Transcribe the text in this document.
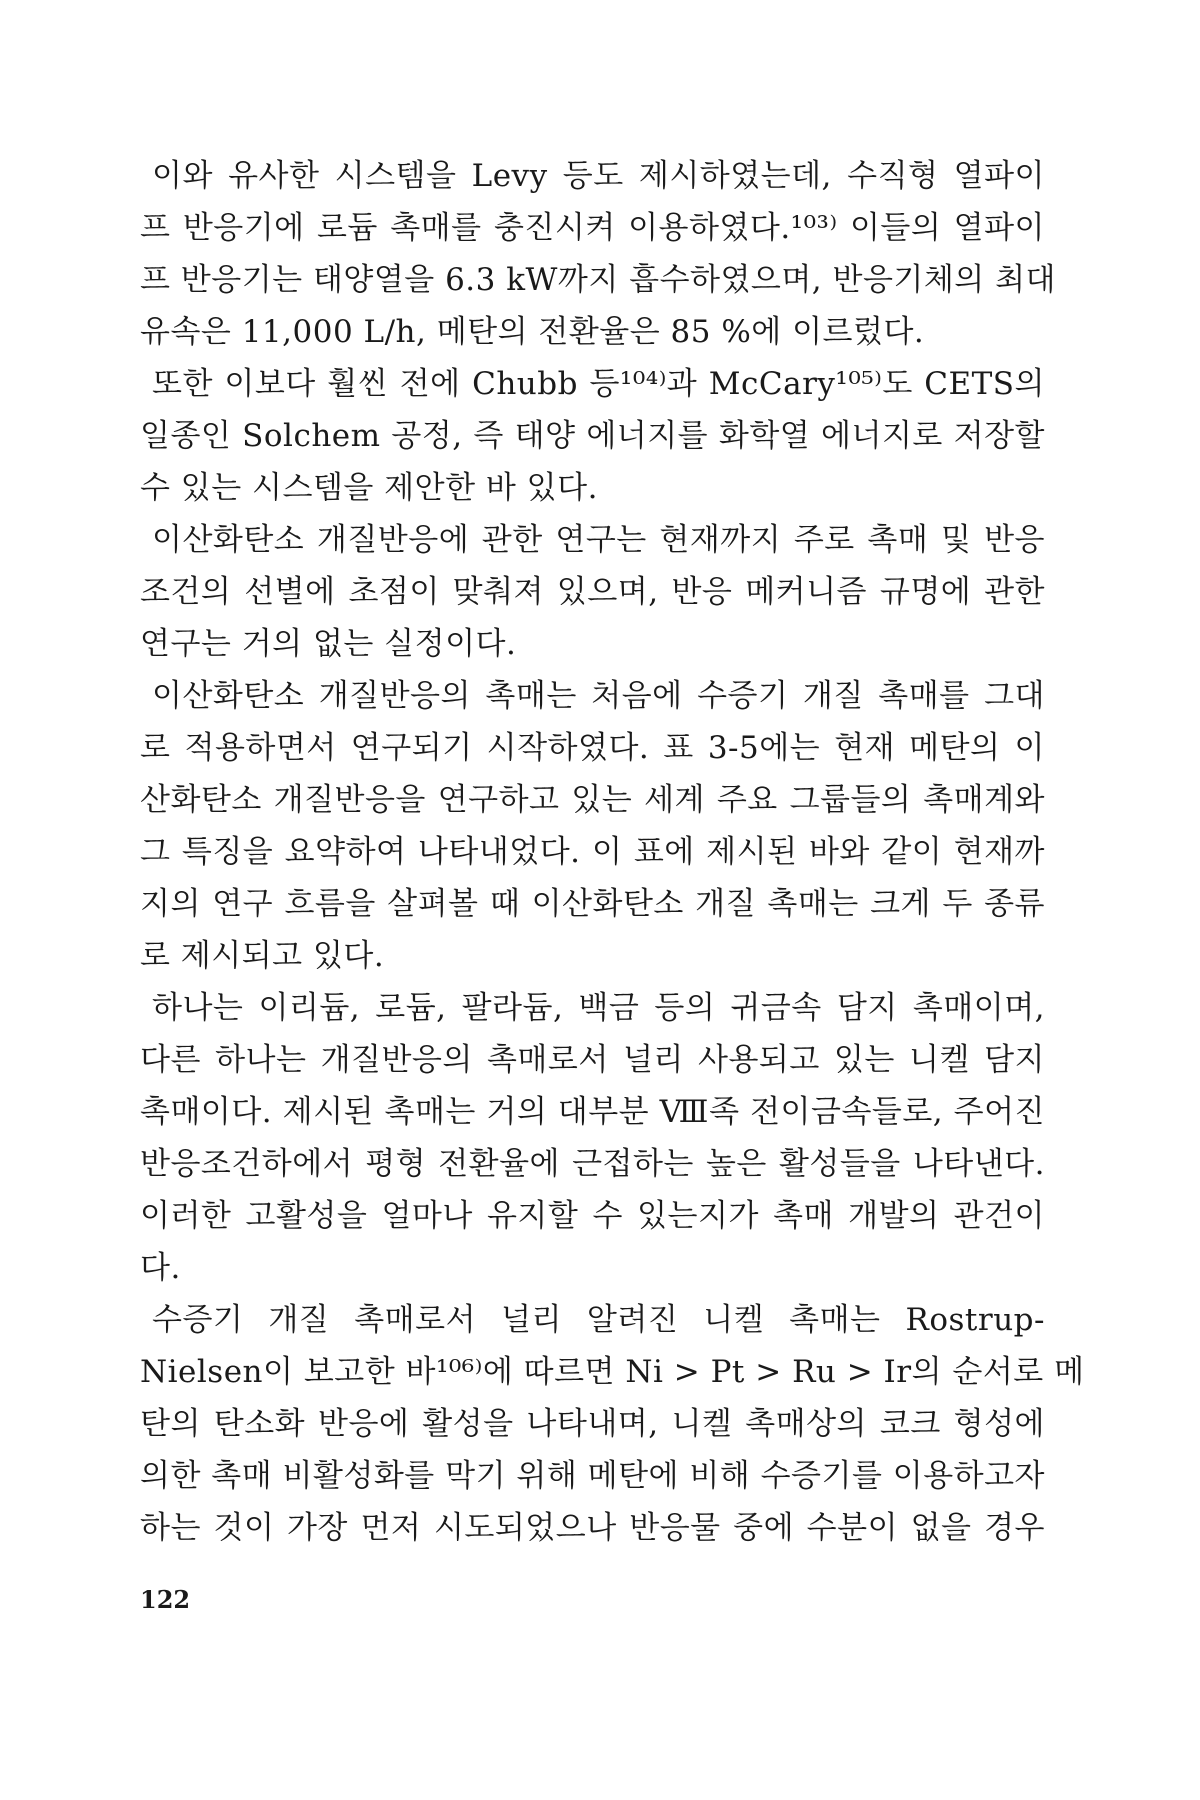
이와 유사한 시스템을 Levy 등도 제시하였는데, 수직형 열파이
프 반응기에 로듐 촉매를 충진시켜 이용하였다.¹⁰³⁾ 이들의 열파이
프 반응기는 태양열을 6.3 kW까지 흡수하였으며, 반응기체의 최대
유속은 11,000 L/h, 메탄의 전환율은 85 %에 이르렀다.
또한 이보다 훨씬 전에 Chubb 등¹⁰⁴⁾과 McCary¹⁰⁵⁾도 CETS의
일종인 Solchem 공정, 즉 태양 에너지를 화학열 에너지로 저장할
수 있는 시스템을 제안한 바 있다.
이산화탄소 개질반응에 관한 연구는 현재까지 주로 촉매 및 반응
조건의 선별에 초점이 맞춰져 있으며, 반응 메커니즘 규명에 관한
연구는 거의 없는 실정이다.
이산화탄소 개질반응의 촉매는 처음에 수증기 개질 촉매를 그대
로 적용하면서 연구되기 시작하였다. 표 3-5에는 현재 메탄의 이
산화탄소 개질반응을 연구하고 있는 세계 주요 그룹들의 촉매계와
그 특징을 요약하여 나타내었다. 이 표에 제시된 바와 같이 현재까
지의 연구 흐름을 살펴볼 때 이산화탄소 개질 촉매는 크게 두 종류
로 제시되고 있다.
하나는 이리듐, 로듐, 팔라듐, 백금 등의 귀금속 담지 촉매이며,
다른 하나는 개질반응의 촉매로서 널리 사용되고 있는 니켈 담지
촉매이다. 제시된 촉매는 거의 대부분 Ⅷ족 전이금속들로, 주어진
반응조건하에서 평형 전환율에 근접하는 높은 활성들을 나타낸다.
이러한 고활성을 얼마나 유지할 수 있는지가 촉매 개발의 관건이
다.
수증기 개질 촉매로서 널리 알려진 니켈 촉매는 Rostrup-
Nielsen이 보고한 바¹⁰⁶⁾에 따르면 Ni > Pt > Ru > Ir의 순서로 메
탄의 탄소화 반응에 활성을 나타내며, 니켈 촉매상의 코크 형성에
의한 촉매 비활성화를 막기 위해 메탄에 비해 수증기를 이용하고자
하는 것이 가장 먼저 시도되었으나 반응물 중에 수분이 없을 경우
122
